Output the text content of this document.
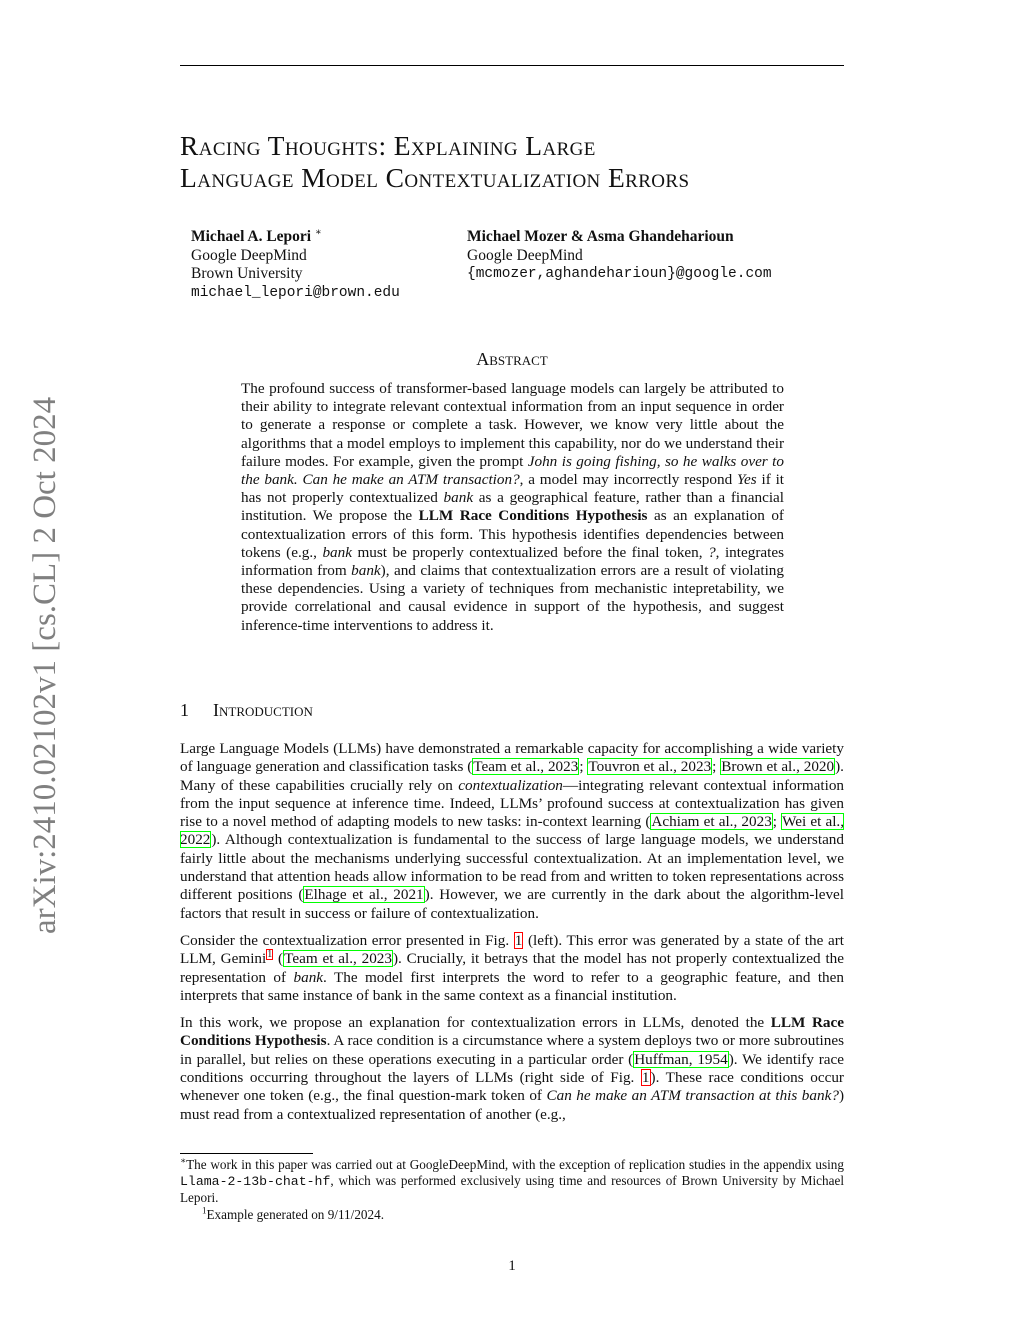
arXiv:2410.02102v1 [cs.CL] 2 Oct 2024
Racing Thoughts: Explaining Large
Language Model Contextualization Errors
Michael A. Lepori ∗
Google DeepMind
Brown University
michael_lepori@brown.edu
Michael Mozer & Asma Ghandeharioun
Google DeepMind
{mcmozer,aghandeharioun}@google.com
Abstract
The profound success of transformer-based language models can largely be attributed to their ability to integrate relevant contextual information from an input sequence in order to generate a response or complete a task. However, we know very little about the algorithms that a model employs to implement this capability, nor do we understand their failure modes. For example, given the prompt John is going fishing, so he walks over to the bank. Can he make an ATM transaction?, a model may incorrectly respond Yes if it has not properly contextualized bank as a geographical feature, rather than a financial institution. We propose the LLM Race Conditions Hypothesis as an explanation of contextualization errors of this form. This hypothesis identifies dependencies between tokens (e.g., bank must be properly contextualized before the final token, ?, integrates information from bank), and claims that contextualization errors are a result of violating these dependencies. Using a variety of techniques from mechanistic intepretability, we provide correlational and causal evidence in support of the hypothesis, and suggest inference-time interventions to address it.
1 Introduction

Large Language Models (LLMs) have demonstrated a remarkable capacity for accomplishing a wide variety of language generation and classification tasks (Team et al., 2023; Touvron et al., 2023; Brown et al., 2020). Many of these capabilities crucially rely on contextualization—integrating relevant contextual information from the input sequence at inference time. Indeed, LLMs’ profound success at contextualization has given rise to a novel method of adapting models to new tasks: in-context learning (Achiam et al., 2023; Wei et al., 2022). Although contextualization is fundamental to the success of large language models, we understand fairly little about the mechanisms underlying successful contextualization. At an implementation level, we understand that attention heads allow information to be read from and written to token representations across different positions (Elhage et al., 2021). However, we are currently in the dark about the algorithm-level factors that result in success or failure of contextualization.

Consider the contextualization error presented in Fig. 1 (left). This error was generated by a state of the art LLM, Gemini$^1$ (Team et al., 2023). Crucially, it betrays that the model has not properly contextualized the representation of bank. The model first interprets the word to refer to a geographic feature, and then interprets that same instance of bank in the same context as a financial institution.

In this work, we propose an explanation for contextualization errors in LLMs, denoted the LLM Race Conditions Hypothesis. A race condition is a circumstance where a system deploys two or more subroutines in parallel, but relies on these operations executing in a particular order (Huffman, 1954). We identify race conditions occurring throughout the layers of LLMs (right side of Fig. 1). These race conditions occur whenever one token (e.g., the final question-mark token of Can he make an ATM transaction at this bank?) must read from a contextualized representation of another (e.g.,

∗The work in this paper was carried out at GoogleDeepMind, with the exception of replication studies in the appendix using Llama-2-13b-chat-hf, which was performed exclusively using time and resources of Brown University by Michael Lepori.

$^1$Example generated on 9/11/2024.

1
